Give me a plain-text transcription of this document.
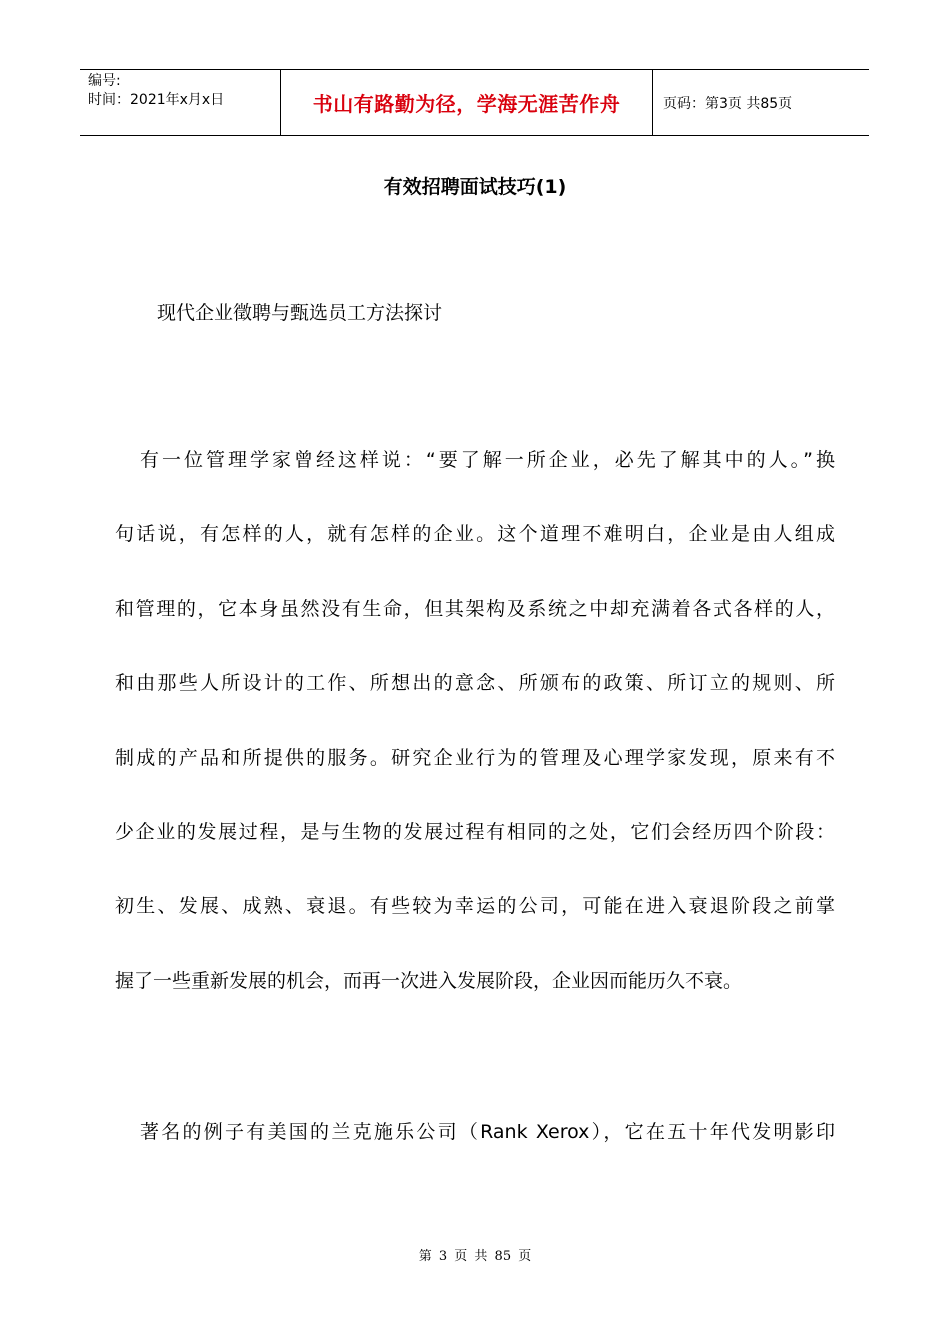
编号:
时间：2021年x月x日	书山有路勤为径，学海无涯苦作舟	页码：第3页 共85页
有效招聘面试技巧(1)

现代企业徵聘与甄选员工方法探讨

有一位管理学家曾经这样说：“要了解一所企业，必先了解其中的人。”换
句话说，有怎样的人，就有怎样的企业。这个道理不难明白，企业是由人组成
和管理的，它本身虽然没有生命，但其架构及系统之中却充满着各式各样的人，
和由那些人所设计的工作、所想出的意念、所颁布的政策、所订立的规则、所
制成的产品和所提供的服务。研究企业行为的管理及心理学家发现，原来有不
少企业的发展过程，是与生物的发展过程有相同的之处，它们会经历四个阶段：
初生、发展、成熟、衰退。有些较为幸运的公司，可能在进入衰退阶段之前掌
握了一些重新发展的机会，而再一次进入发展阶段，企业因而能历久不衰。
著名的例子有美国的兰克施乐公司（Rank Xerox），它在五十年代发明影印
第 3 页 共 85 页
